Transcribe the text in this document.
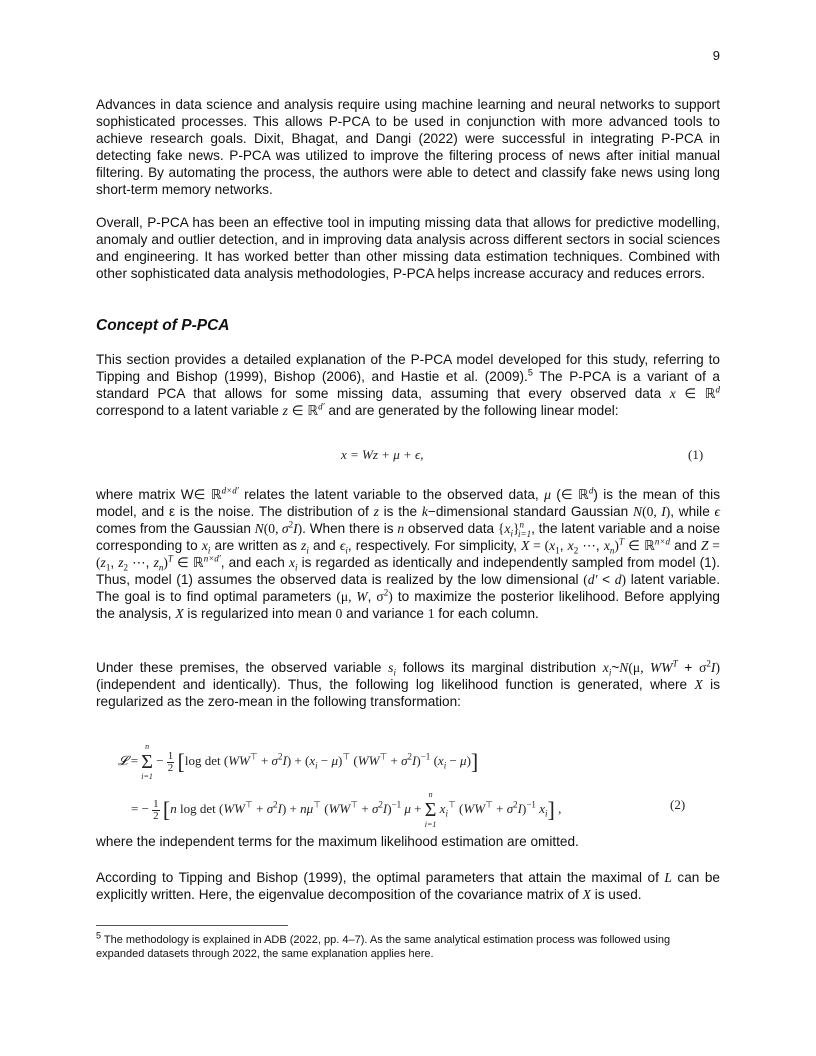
9

Advances in data science and analysis require using machine learning and neural networks to support sophisticated processes. This allows P-PCA to be used in conjunction with more advanced tools to achieve research goals. Dixit, Bhagat, and Dangi (2022) were successful in integrating P-PCA in detecting fake news. P-PCA was utilized to improve the filtering process of news after initial manual filtering. By automating the process, the authors were able to detect and classify fake news using long short-term memory networks.

Overall, P-PCA has been an effective tool in imputing missing data that allows for predictive modelling, anomaly and outlier detection, and in improving data analysis across different sectors in social sciences and engineering. It has worked better than other missing data estimation techniques. Combined with other sophisticated data analysis methodologies, P-PCA helps increase accuracy and reduces errors.

Concept of P-PCA

This section provides a detailed explanation of the P-PCA model developed for this study, referring to Tipping and Bishop (1999), Bishop (2006), and Hastie et al. (2009).$^5$ The P-PCA is a variant of a standard PCA that allows for some missing data, assuming that every observed data x ∈ ℝ$^d$ correspond to a latent variable z ∈ ℝ$^{d'}$ and are generated by the following linear model:

x = Wz + μ + ϵ,	(1)

where matrix W∈ ℝ$^{d\times d'}$ relates the latent variable to the observed data, μ (∈ ℝ$^d$) is the mean of this model, and ε is the noise. The distribution of z is the k−dimensional standard Gaussian N(0, I), while ϵ comes from the Gaussian N(0, $\sigma^2I$). When there is n observed data $\{x_i\}^n_{i=1}$, the latent variable and a noise corresponding to $x_i$ are written as $z_i$ and $\epsilon_i$, respectively. For simplicity, $X = (x_1$, $x_2$ ⋯, $x_n)^T$ ∈ ℝ$^{n\times d}$ and $Z = (z_1$, $z_2$ ⋯, $z_n)^T$ ∈ ℝ$^{n\times d'}$, and each $x_i$ is regarded as identically and independently sampled from model (1). Thus, model (1) assumes the observed data is realized by the low dimensional (d′ < d) latent variable. The goal is to find optimal parameters (μ, W, $\sigma^2$) to maximize the posterior likelihood. Before applying the analysis, X is regularized into mean 0 and variance 1 for each column.

Under these premises, the observed variable $s_i$ follows its marginal distribution $x_i\sim N(\mu$, $WW^T + \sigma^2I$) (independent and identically). Thus, the following log likelihood function is generated, where X is regularized as the zero-mean in the following transformation:

𝓛 =
n
Σ
i=1
− $\frac{1}{2} [\log$ $\det (WW^⊤ + \sigma^2I) + (x_i - \mu)^⊤$ $(WW^⊤ + \sigma^2I)^{-1}$ $(x_i - \mu)$]
= − $\frac{1}{2} [n$ $\log \det (WW^⊤ + \sigma^2I) + n\mu^⊤$ $(WW^⊤ + \sigma^2I)^{-1}$ μ +
n
Σ
i=1
$x_i^⊤$ $(WW^⊤ + \sigma^2I)^{-1}$ $x_i$] ,	(2)

where the independent terms for the maximum likelihood estimation are omitted.

According to Tipping and Bishop (1999), the optimal parameters that attain the maximal of L can be explicitly written. Here, the eigenvalue decomposition of the covariance matrix of X is used.

$^5$ The methodology is explained in ADB (2022, pp. 4–7). As the same analytical estimation process was followed using expanded datasets through 2022, the same explanation applies here.
